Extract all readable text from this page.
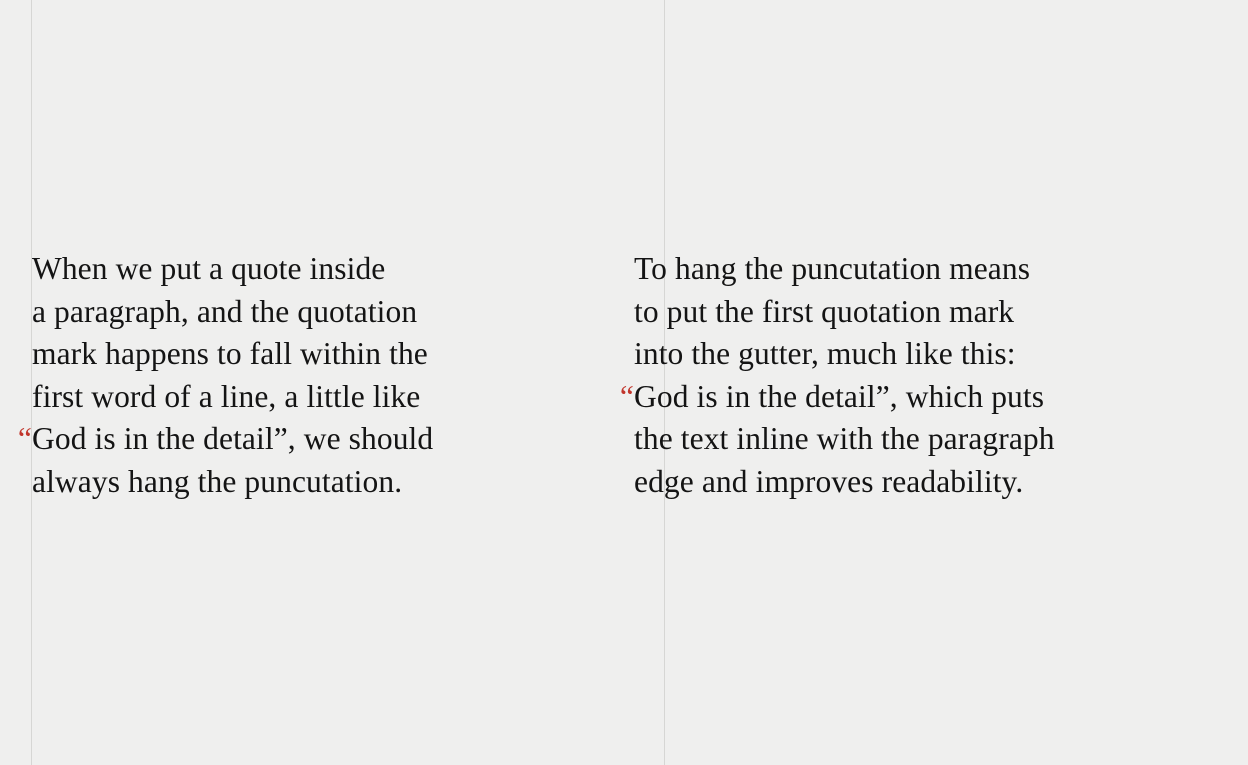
When we put a quote inside
a paragraph, and the quotation
mark happens to fall within the
first word of a line, a little like
“ God is in the detail”, we should
always hang the puncutation.
To hang the puncutation means
to put the first quotation mark
into the gutter, much like this:
“ God is in the detail”, which puts
the text inline with the paragraph
edge and improves readability.
